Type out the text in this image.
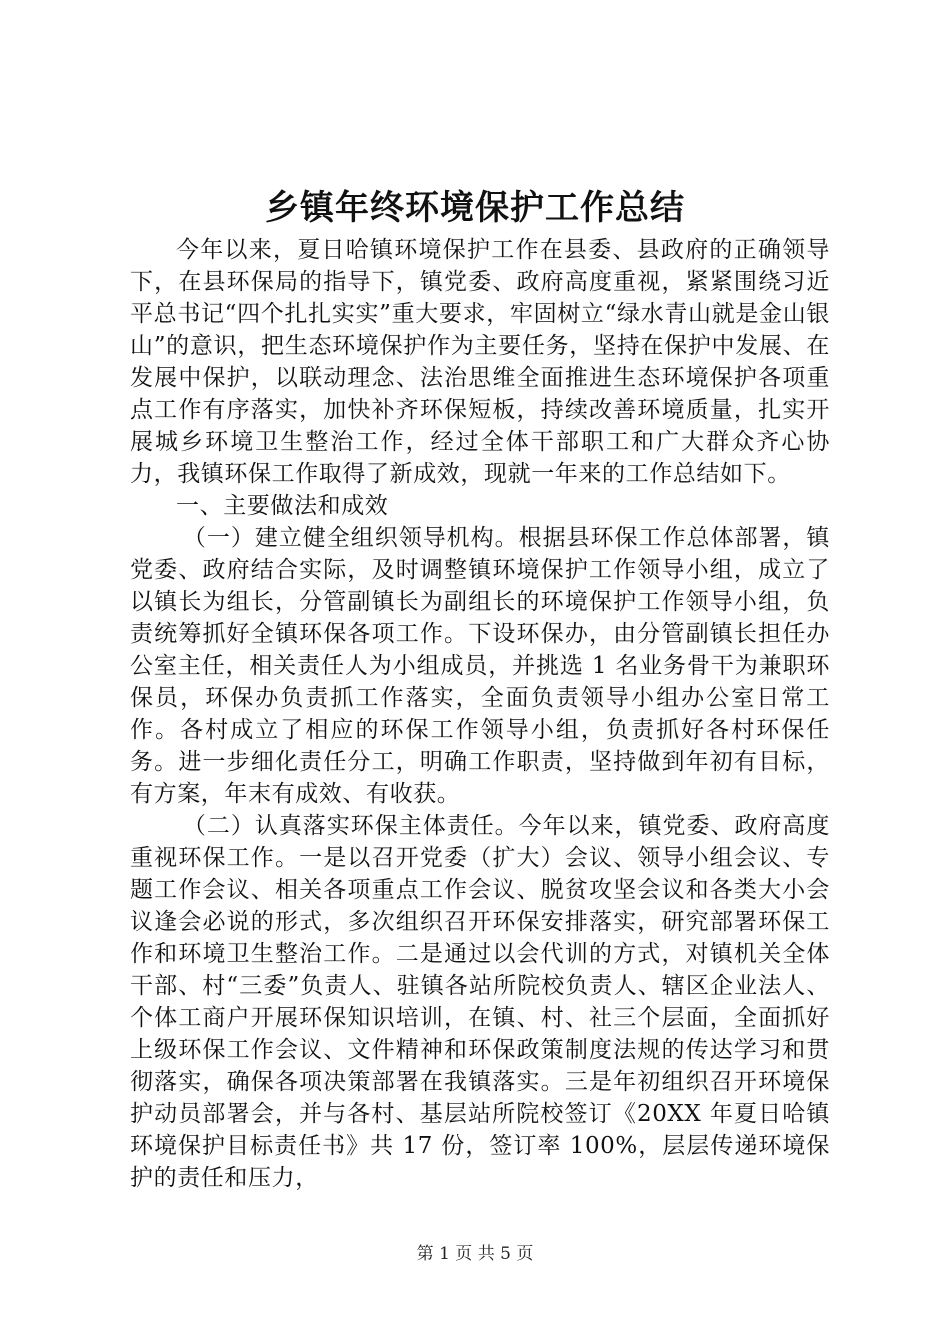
乡镇年终环境保护工作总结

今年以来，夏日哈镇环境保护工作在县委、县政府的正确领导下，在县环保局的指导下，镇党委、政府高度重视，紧紧围绕习近平总书记“四个扎扎实实”重大要求，牢固树立“绿水青山就是金山银山”的意识，把生态环境保护作为主要任务，坚持在保护中发展、在发展中保护，以联动理念、法治思维全面推进生态环境保护各项重点工作有序落实，加快补齐环保短板，持续改善环境质量，扎实开展城乡环境卫生整治工作，经过全体干部职工和广大群众齐心协力，我镇环保工作取得了新成效，现就一年来的工作总结如下。

一、主要做法和成效

（一）建立健全组织领导机构。根据县环保工作总体部署，镇党委、政府结合实际，及时调整镇环境保护工作领导小组，成立了以镇长为组长，分管副镇长为副组长的环境保护工作领导小组，负责统筹抓好全镇环保各项工作。下设环保办，由分管副镇长担任办公室主任，相关责任人为小组成员，并挑选 1 名业务骨干为兼职环保员，环保办负责抓工作落实，全面负责领导小组办公室日常工作。各村成立了相应的环保工作领导小组，负责抓好各村环保任务。进一步细化责任分工，明确工作职责，坚持做到年初有目标，有方案，年末有成效、有收获。

（二）认真落实环保主体责任。今年以来，镇党委、政府高度重视环保工作。一是以召开党委（扩大）会议、领导小组会议、专题工作会议、相关各项重点工作会议、脱贫攻坚会议和各类大小会议逢会必说的形式，多次组织召开环保安排落实，研究部署环保工作和环境卫生整治工作。二是通过以会代训的方式，对镇机关全体干部、村“三委”负责人、驻镇各站所院校负责人、辖区企业法人、个体工商户开展环保知识培训，在镇、村、社三个层面，全面抓好上级环保工作会议、文件精神和环保政策制度法规的传达学习和贯彻落实，确保各项决策部署在我镇落实。三是年初组织召开环境保护动员部署会，并与各村、基层站所院校签订《20XX 年夏日哈镇环境保护目标责任书》共 17 份，签订率 100%，层层传递环境保护的责任和压力，

第 1 页 共 5 页
